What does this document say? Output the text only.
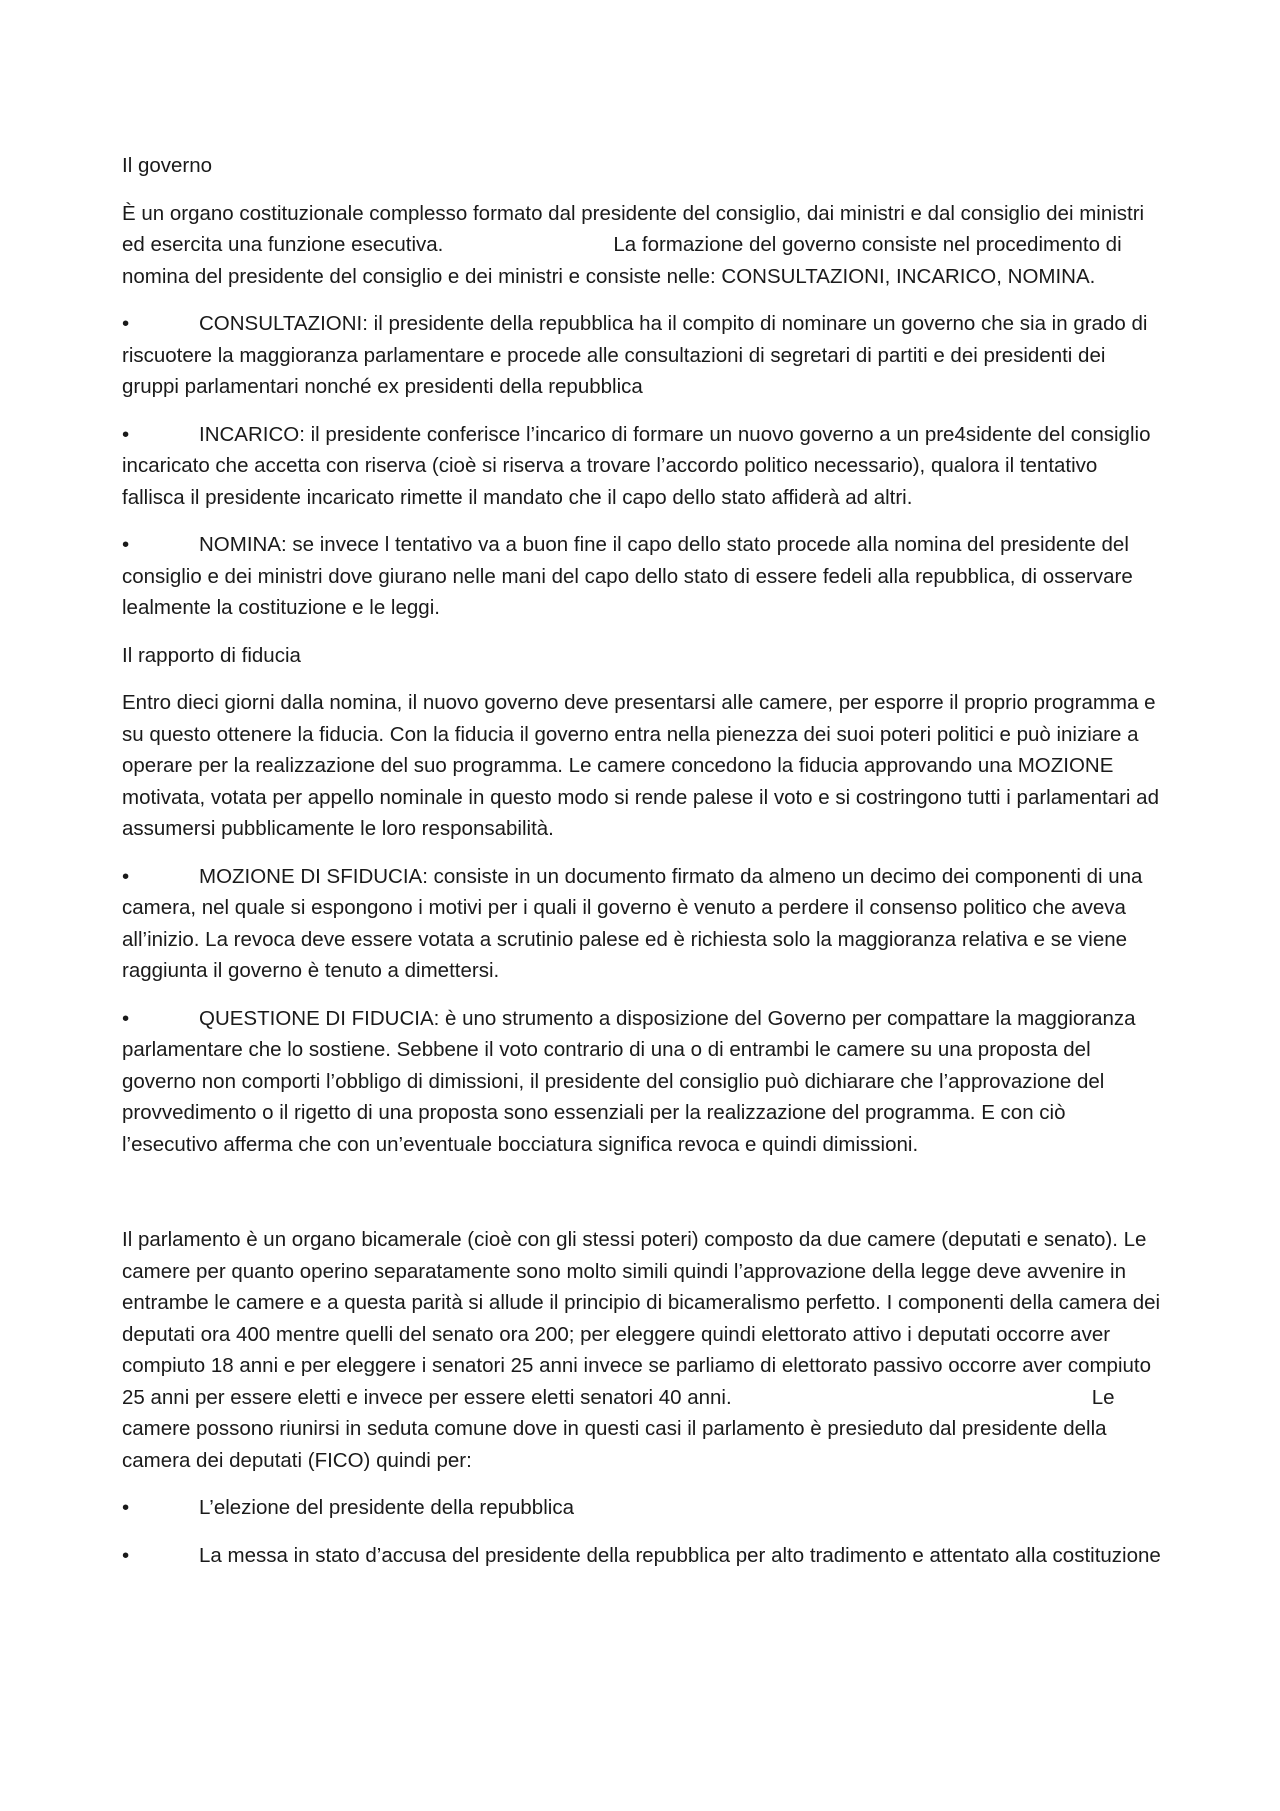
Il governo

È un organo costituzionale complesso formato dal presidente del consiglio, dai ministri e dal consiglio dei ministri ed esercita una funzione esecutiva.	La formazione del governo consiste nel procedimento di nomina del presidente del consiglio e dei ministri e consiste nelle: CONSULTAZIONI, INCARICO, NOMINA.

•	CONSULTAZIONI: il presidente della repubblica ha il compito di nominare un governo che sia in grado di riscuotere la maggioranza parlamentare e procede alle consultazioni di segretari di partiti e dei presidenti dei gruppi parlamentari nonché ex presidenti della repubblica

•	INCARICO: il presidente conferisce l’incarico di formare un nuovo governo a un pre4sidente del consiglio incaricato che accetta con riserva (cioè si riserva a trovare l’accordo politico necessario), qualora il tentativo fallisca il presidente incaricato rimette il mandato che il capo dello stato affiderà ad altri.

•	NOMINA: se invece l tentativo va a buon fine il capo dello stato procede alla nomina del presidente del consiglio e dei ministri dove giurano nelle mani del capo dello stato di essere fedeli alla repubblica, di osservare lealmente la costituzione e le leggi.

Il rapporto di fiducia

Entro dieci giorni dalla nomina, il nuovo governo deve presentarsi alle camere, per esporre il proprio programma e su questo ottenere la fiducia. Con la fiducia il governo entra nella pienezza dei suoi poteri politici e può iniziare a operare per la realizzazione del suo programma. Le camere concedono la fiducia approvando una MOZIONE motivata, votata per appello nominale in questo modo si rende palese il voto e si costringono tutti i parlamentari ad assumersi pubblicamente le loro responsabilità.

•	MOZIONE DI SFIDUCIA: consiste in un documento firmato da almeno un decimo dei componenti di una camera, nel quale si espongono i motivi per i quali il governo è venuto a perdere il consenso politico che aveva all’inizio. La revoca deve essere votata a scrutinio palese ed è richiesta solo la maggioranza relativa e se viene raggiunta il governo è tenuto a dimettersi.

•	QUESTIONE DI FIDUCIA: è uno strumento a disposizione del Governo per compattare la maggioranza parlamentare che lo sostiene. Sebbene il voto contrario di una o di entrambi le camere su una proposta del governo non comporti l’obbligo di dimissioni, il presidente del consiglio può dichiarare che l’approvazione del provvedimento o il rigetto di una proposta sono essenziali per la realizzazione del programma. E con ciò l’esecutivo afferma che con un’eventuale bocciatura significa revoca e quindi dimissioni.

Il parlamento è un organo bicamerale (cioè con gli stessi poteri) composto da due camere (deputati e senato). Le camere per quanto operino separatamente sono molto simili quindi l’approvazione della legge deve avvenire in entrambe le camere e a questa parità si allude il principio di bicameralismo perfetto. I componenti della camera dei deputati ora 400 mentre quelli del senato ora 200; per eleggere quindi elettorato attivo i deputati occorre aver compiuto 18 anni e per eleggere i senatori 25 anni invece se parliamo di elettorato passivo occorre aver compiuto 25 anni per essere eletti e invece per essere eletti senatori 40 anni.	Le camere possono riunirsi in seduta comune dove in questi casi il parlamento è presieduto dal presidente della camera dei deputati (FICO) quindi per:

•	L’elezione del presidente della repubblica

•	La messa in stato d’accusa del presidente della repubblica per alto tradimento e attentato alla costituzione
